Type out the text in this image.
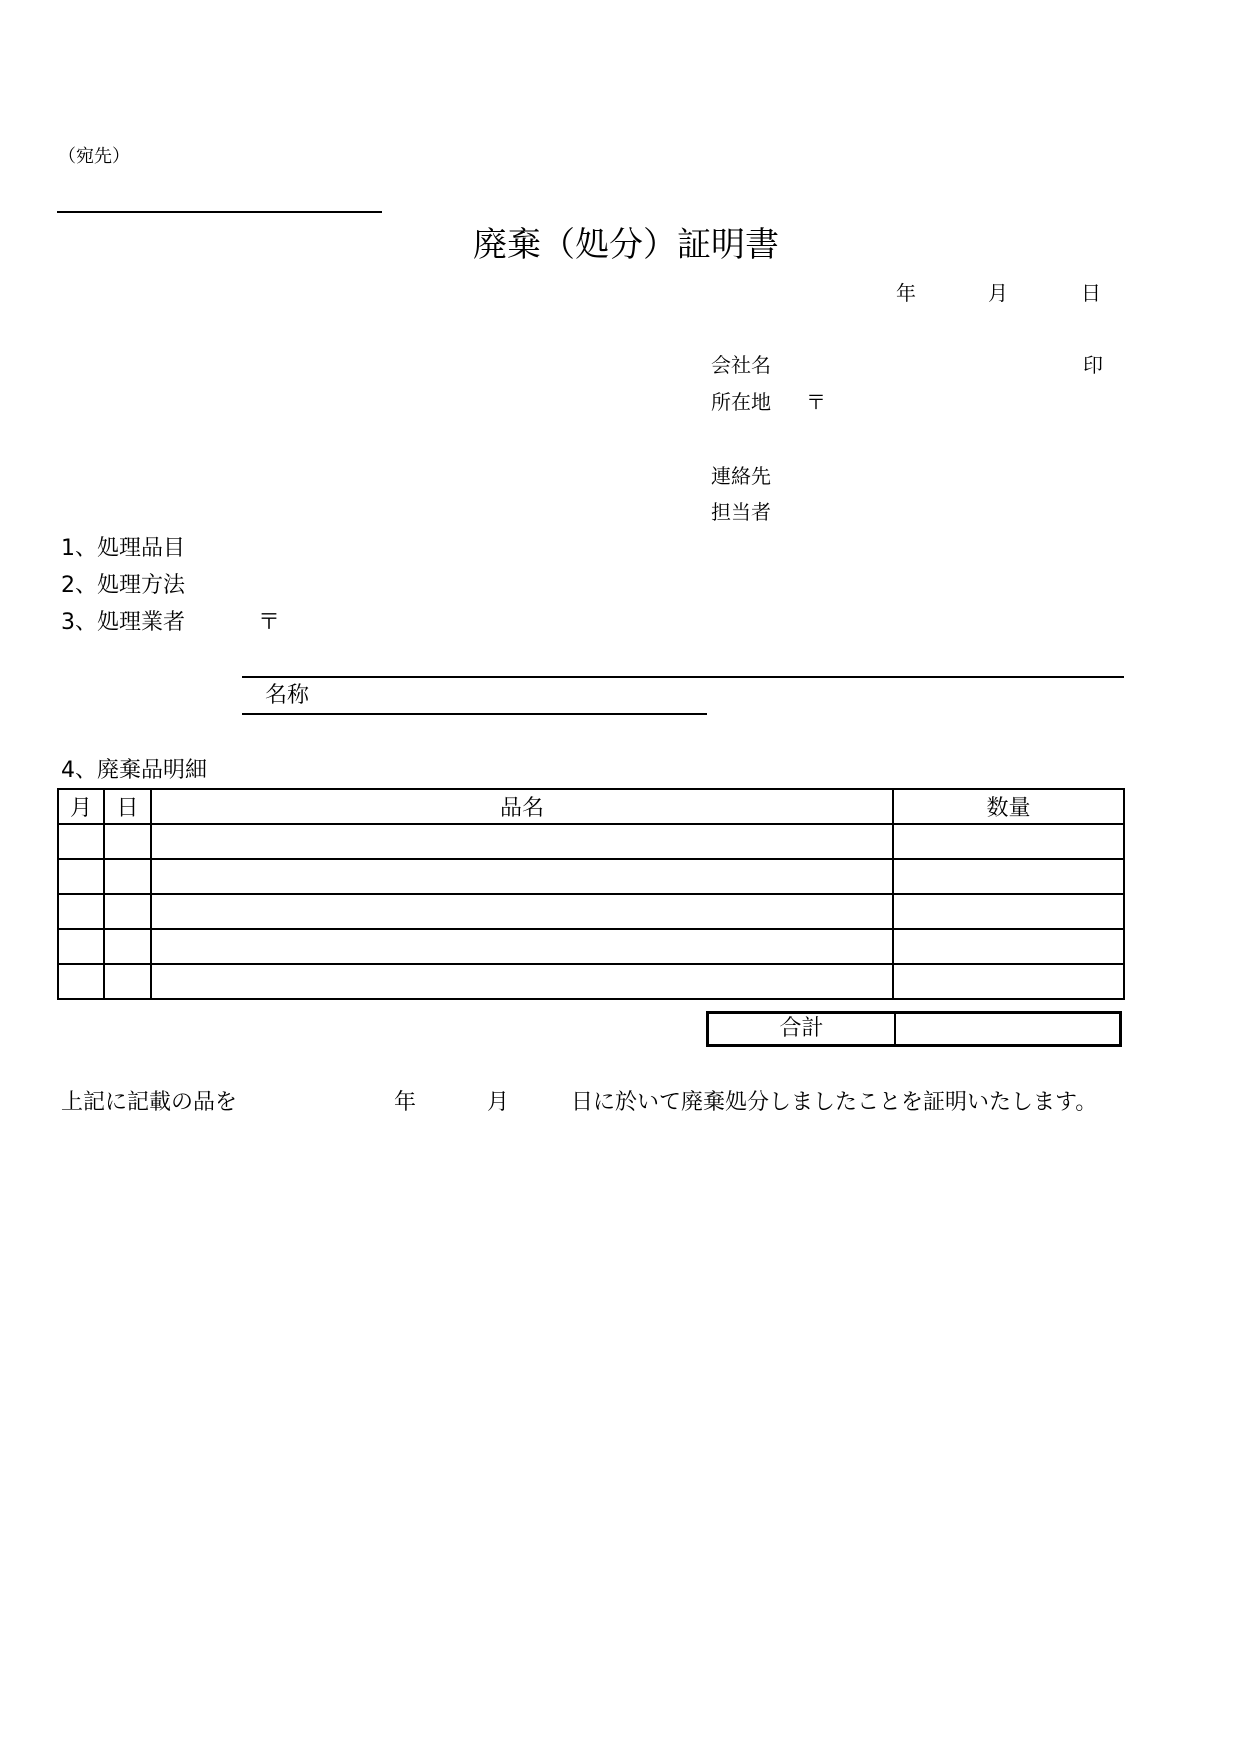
（宛先）
廃棄（処分）証明書
年	月	日
会社名	印
所在地 〒
連絡先
担当者
1、処理品目
2、処理方法
3、処理業者	〒
名称
4、廃棄品明細
月	日	品名	数量

合計
上記に記載の品を	年	月	日に於いて廃棄処分しましたことを証明いたします。
